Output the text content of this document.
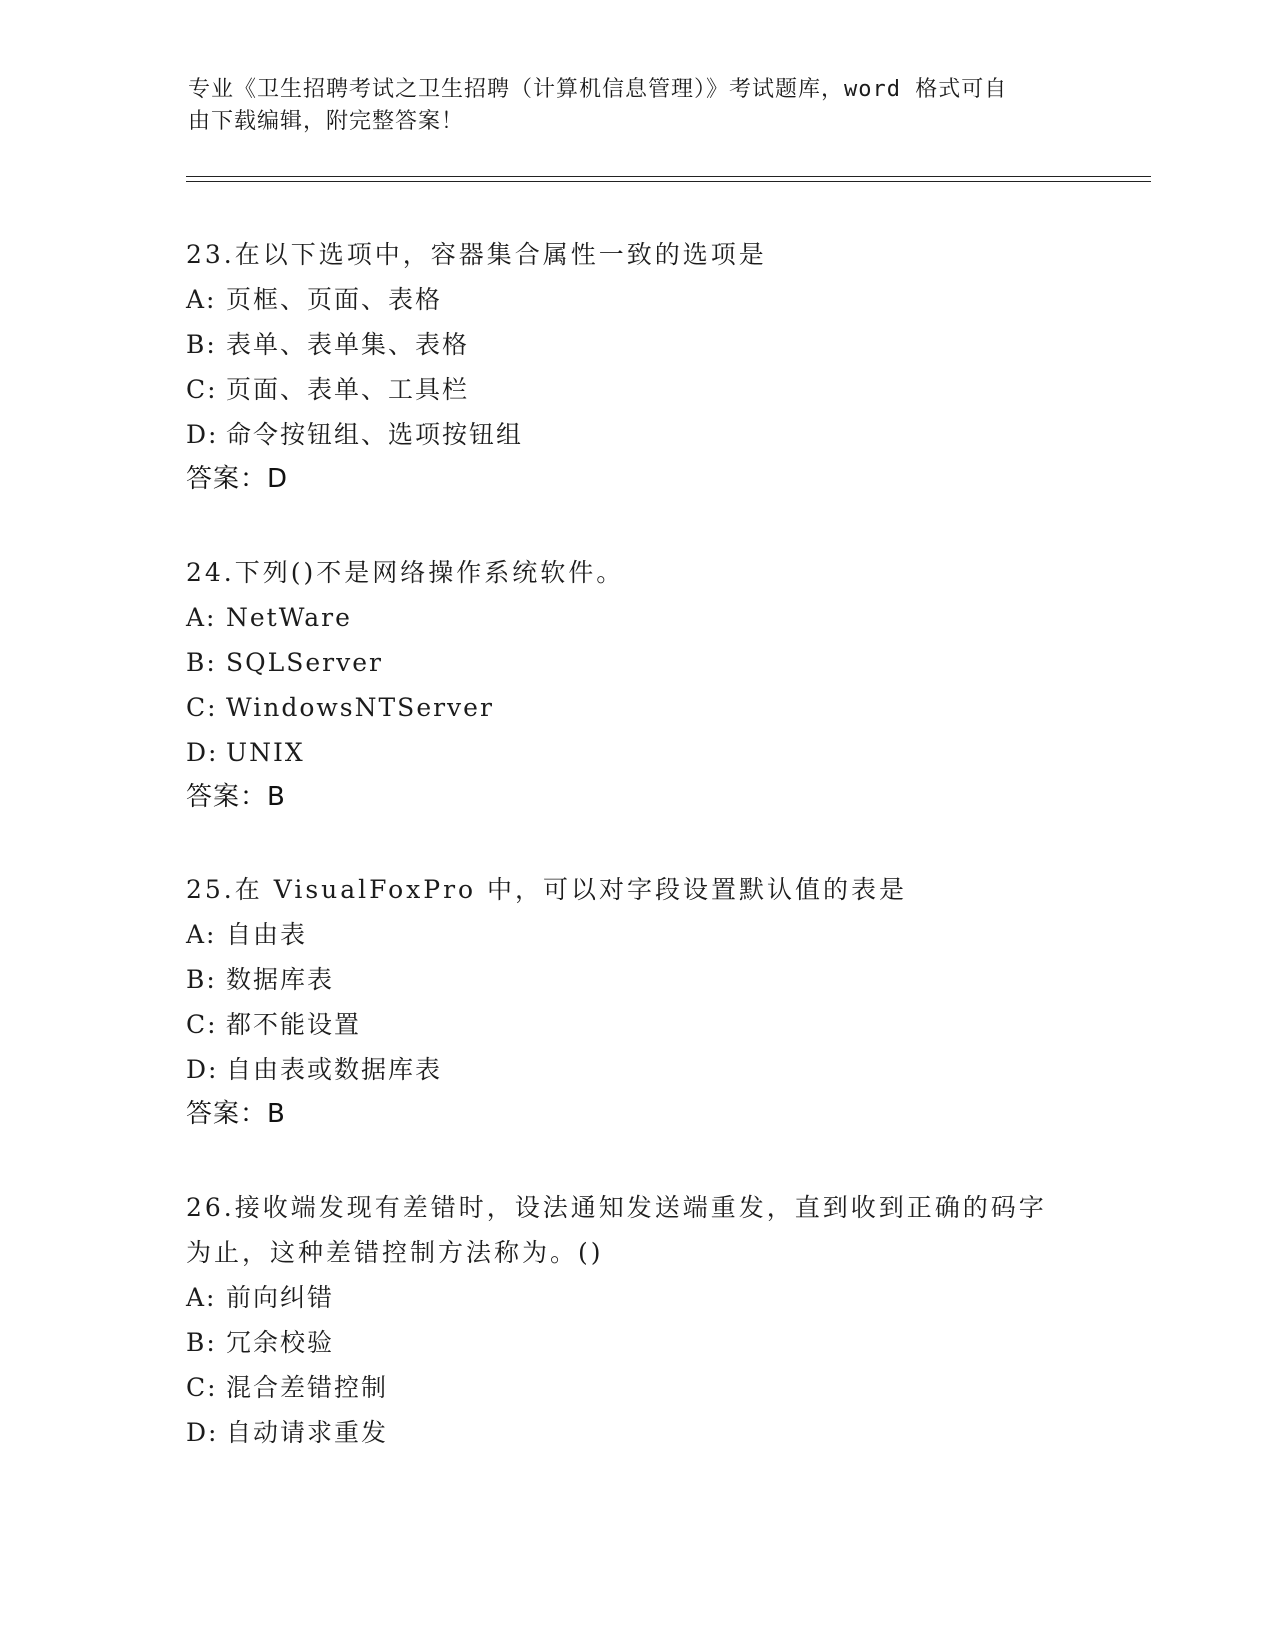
专业《卫生招聘考试之卫生招聘（计算机信息管理）》考试题库，word 格式可自
由下载编辑，附完整答案！
23.在以下选项中，容器集合属性一致的选项是
A: 页框、页面、表格
B: 表单、表单集、表格
C: 页面、表单、工具栏
D: 命令按钮组、选项按钮组
答案：D
24.下列()不是网络操作系统软件。
A: NetWare
B: SQLServer
C: WindowsNTServer
D: UNIX
答案：B
25.在 VisualFoxPro 中，可以对字段设置默认值的表是
A: 自由表
B: 数据库表
C: 都不能设置
D: 自由表或数据库表
答案：B
26.接收端发现有差错时，设法通知发送端重发，直到收到正确的码字
为止，这种差错控制方法称为。()
A: 前向纠错
B: 冗余校验
C: 混合差错控制
D: 自动请求重发
